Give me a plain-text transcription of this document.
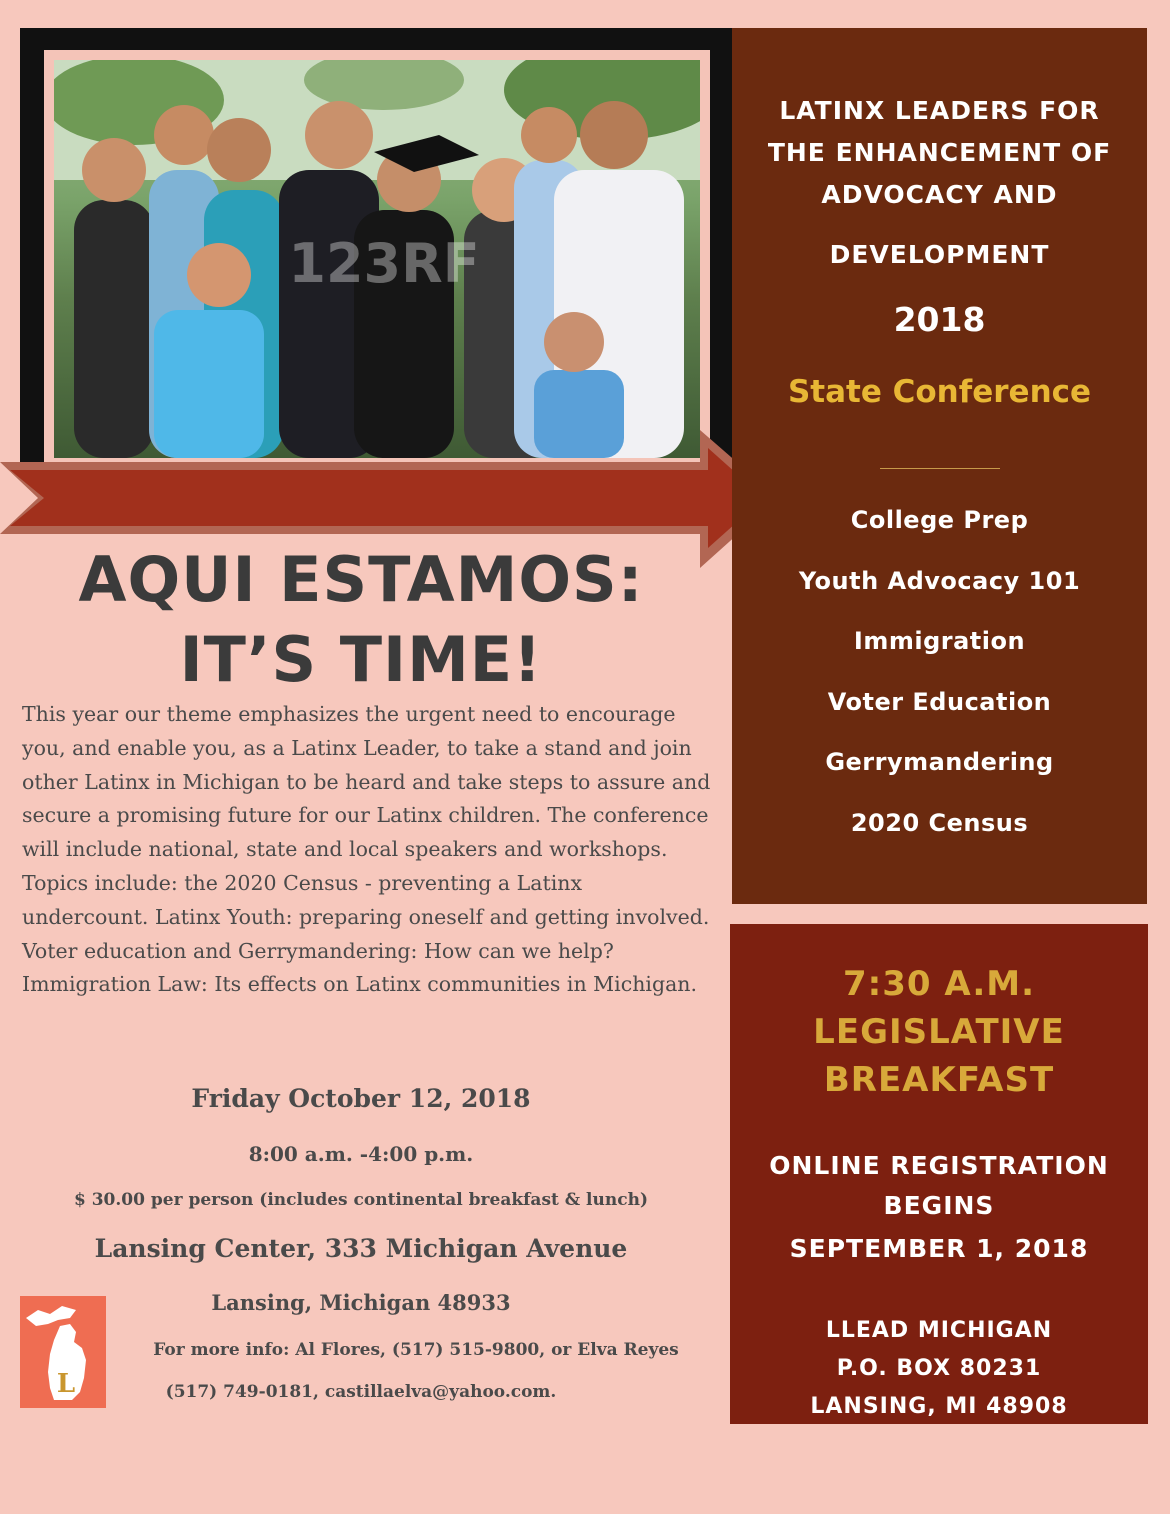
123RF
LATINX LEADERS FOR
THE ENHANCEMENT OF
ADVOCACY AND
DEVELOPMENT
2018
State Conference
College Prep
Youth Advocacy 101
Immigration
Voter Education
Gerrymandering
2020 Census
7:30 A.M.
LEGISLATIVE
BREAKFAST
ONLINE REGISTRATION
BEGINS
SEPTEMBER 1, 2018
LLEAD MICHIGAN
P.O. BOX 80231
LANSING, MI 48908
AQUI ESTAMOS:
IT’S TIME!
This year our theme emphasizes the urgent need to encourage you, and enable you, as a Latinx Leader, to take a stand and join other Latinx in Michigan to be heard and take steps to assure and secure a promising future for our Latinx children. The conference will include national, state and local speakers and workshops. Topics include: the 2020 Census - preventing a Latinx undercount. Latinx Youth: preparing oneself and getting involved. Voter education and Gerrymandering: How can we help? Immigration Law: Its effects on Latinx communities in Michigan.
Friday October 12, 2018
8:00 a.m. -4:00 p.m.
$ 30.00 per person (includes continental breakfast & lunch)
Lansing Center, 333 Michigan Avenue
Lansing, Michigan 48933
For more info: Al Flores, (517) 515-9800, or Elva Reyes
(517) 749-0181, castillaelva@yahoo.com.
L
